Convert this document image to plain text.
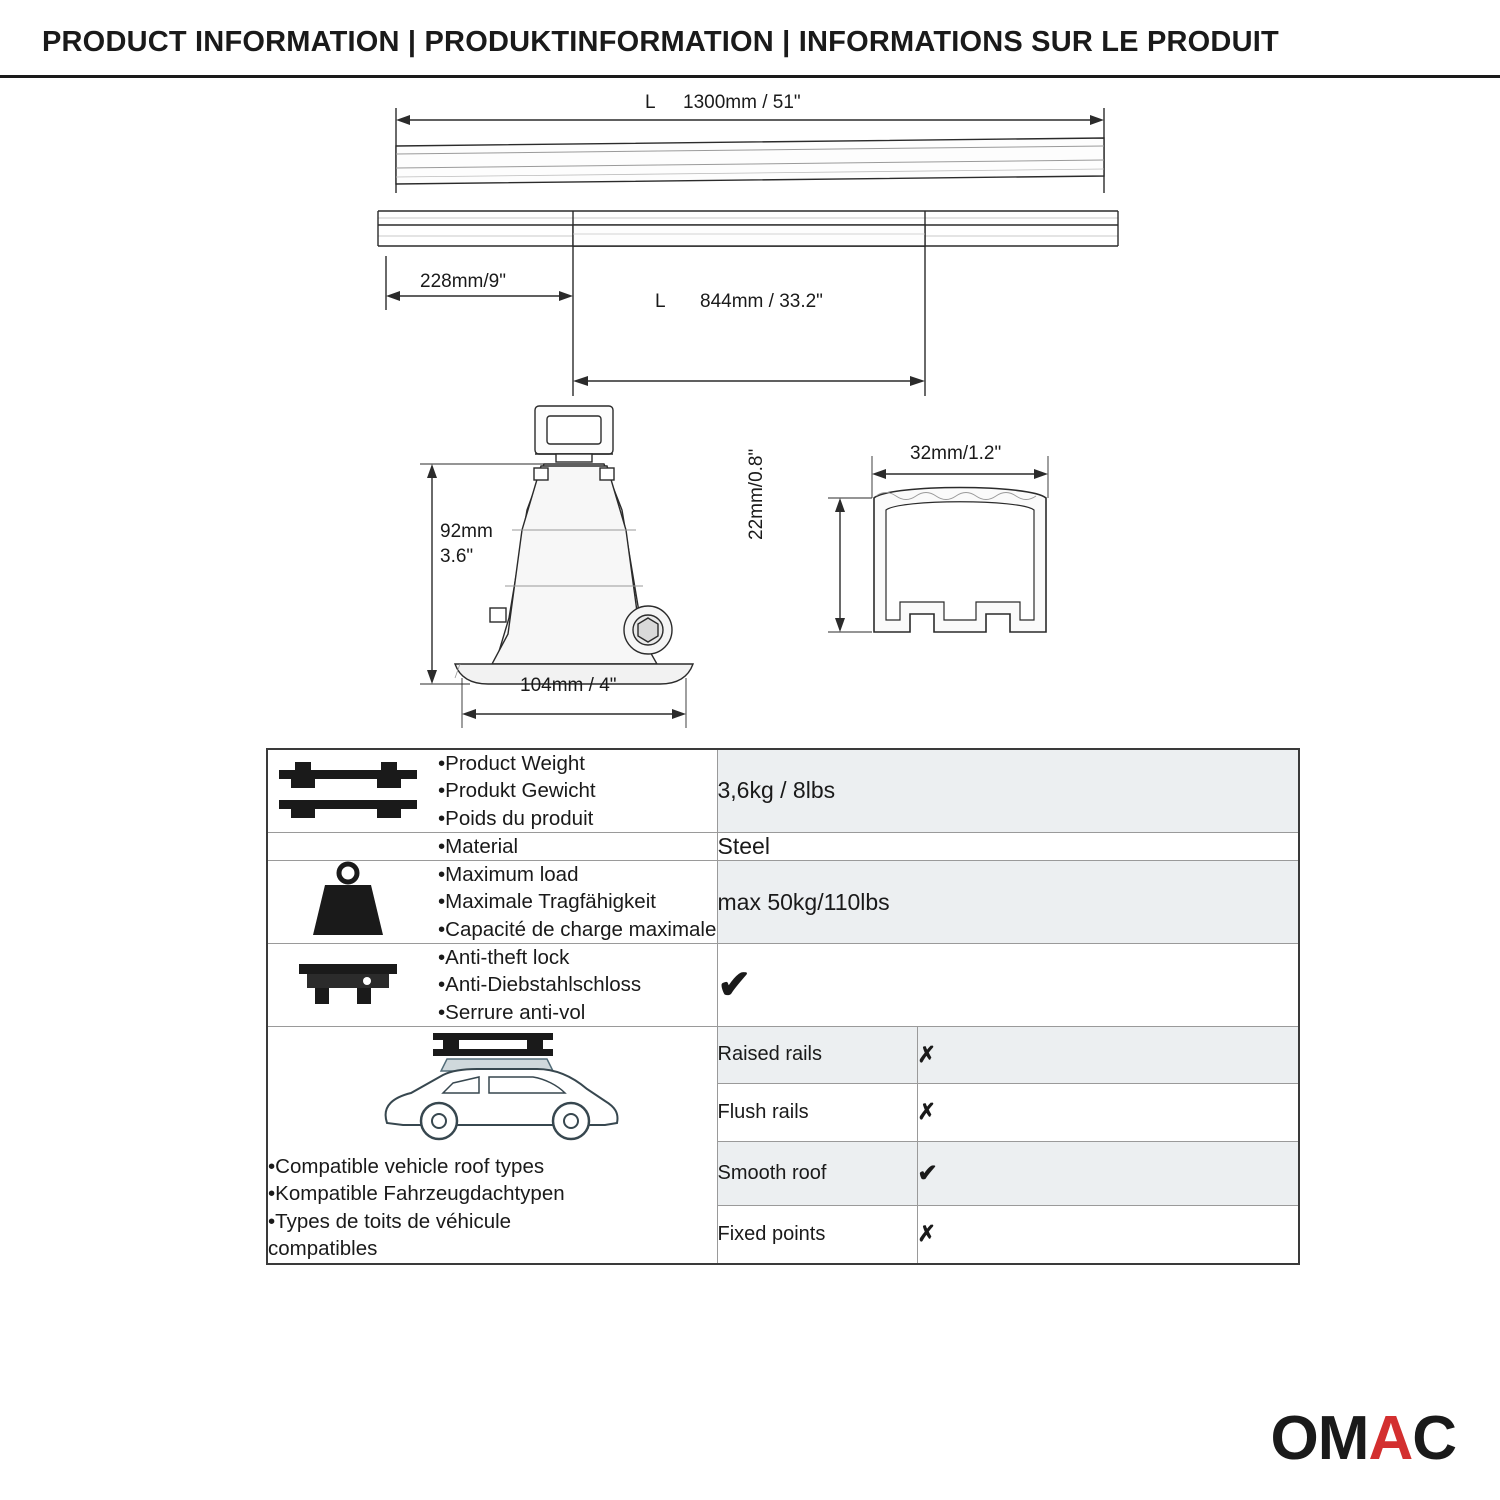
PRODUCT INFORMATION | PRODUKTINFORMATION | INFORMATIONS SUR LE PRODUIT
L 1300mm / 51"
228mm/9"
L 844mm / 33.2"
92mm
3.6"
104mm / 4"
32mm/1.2"
22mm/0.8"
•Product Weight
•Produkt Gewicht
•Poids du produit	3,6kg / 8lbs	

•Material	Steel	

•Maximum load
•Maximale Tragfähigkeit
•Capacité de charge maximale	max 50kg/110lbs	

•Anti-theft lock
•Anti-Diebstahlschloss
•Serrure anti-vol	✔	

•Compatible vehicle roof types
•Kompatible Fahrzeugdachtypen
•Types de toits de véhicule
compatibles	Raised rails	✗
	Flush rails	✗
	Smooth roof	✔
	Fixed points	✗
O M A C
